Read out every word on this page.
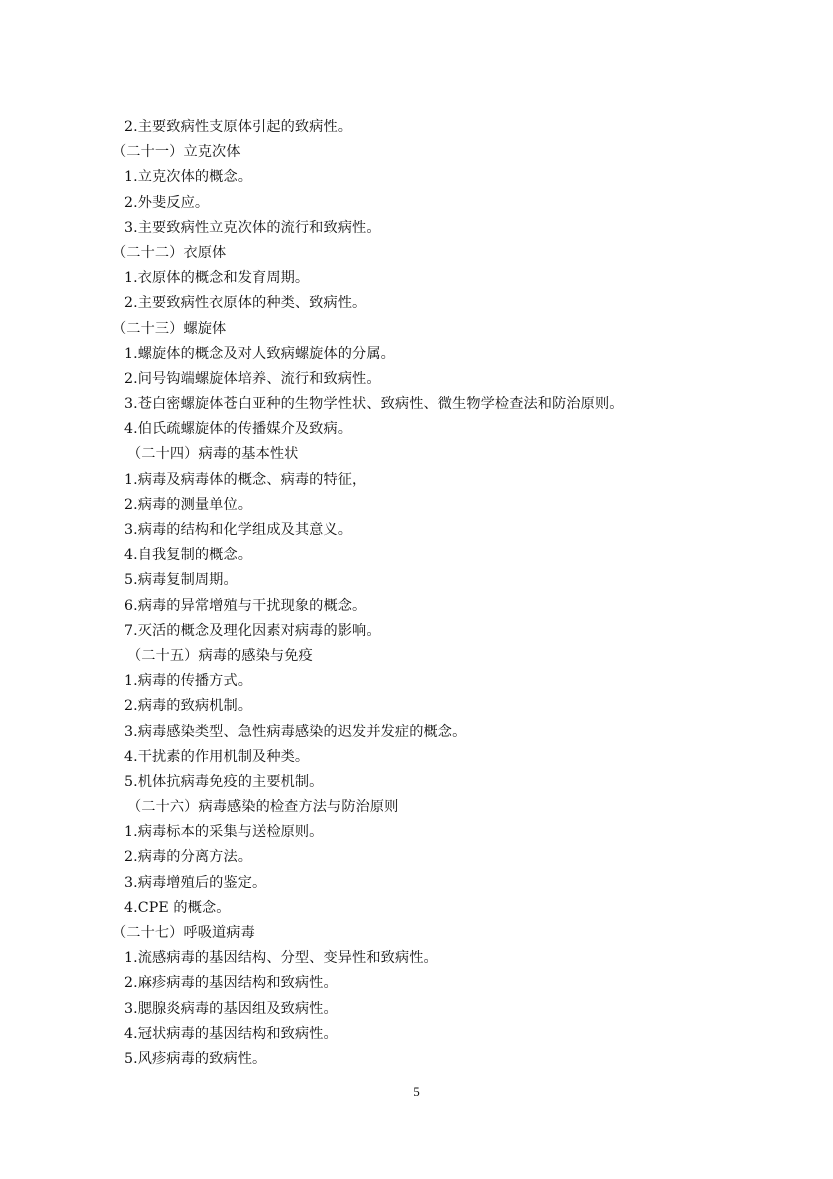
2.主要致病性支原体引起的致病性。
（二十一）立克次体
1.立克次体的概念。
2.外斐反应。
3.主要致病性立克次体的流行和致病性。
（二十二）衣原体
1.衣原体的概念和发育周期。
2.主要致病性衣原体的种类、致病性。
（二十三）螺旋体
1.螺旋体的概念及对人致病螺旋体的分属。
2.问号钩端螺旋体培养、流行和致病性。
3.苍白密螺旋体苍白亚种的生物学性状、致病性、微生物学检查法和防治原则。
4.伯氏疏螺旋体的传播媒介及致病。
（二十四）病毒的基本性状
1.病毒及病毒体的概念、病毒的特征，
2.病毒的测量单位。
3.病毒的结构和化学组成及其意义。
4.自我复制的概念。
5.病毒复制周期。
6.病毒的异常增殖与干扰现象的概念。
7.灭活的概念及理化因素对病毒的影响。
（二十五）病毒的感染与免疫
1.病毒的传播方式。
2.病毒的致病机制。
3.病毒感染类型、急性病毒感染的迟发并发症的概念。
4.干扰素的作用机制及种类。
5.机体抗病毒免疫的主要机制。
（二十六）病毒感染的检查方法与防治原则
1.病毒标本的采集与送检原则。
2.病毒的分离方法。
3.病毒增殖后的鉴定。
4.CPE 的概念。
（二十七）呼吸道病毒
1.流感病毒的基因结构、分型、变异性和致病性。
2.麻疹病毒的基因结构和致病性。
3.腮腺炎病毒的基因组及致病性。
4.冠状病毒的基因结构和致病性。
5.风疹病毒的致病性。
5
